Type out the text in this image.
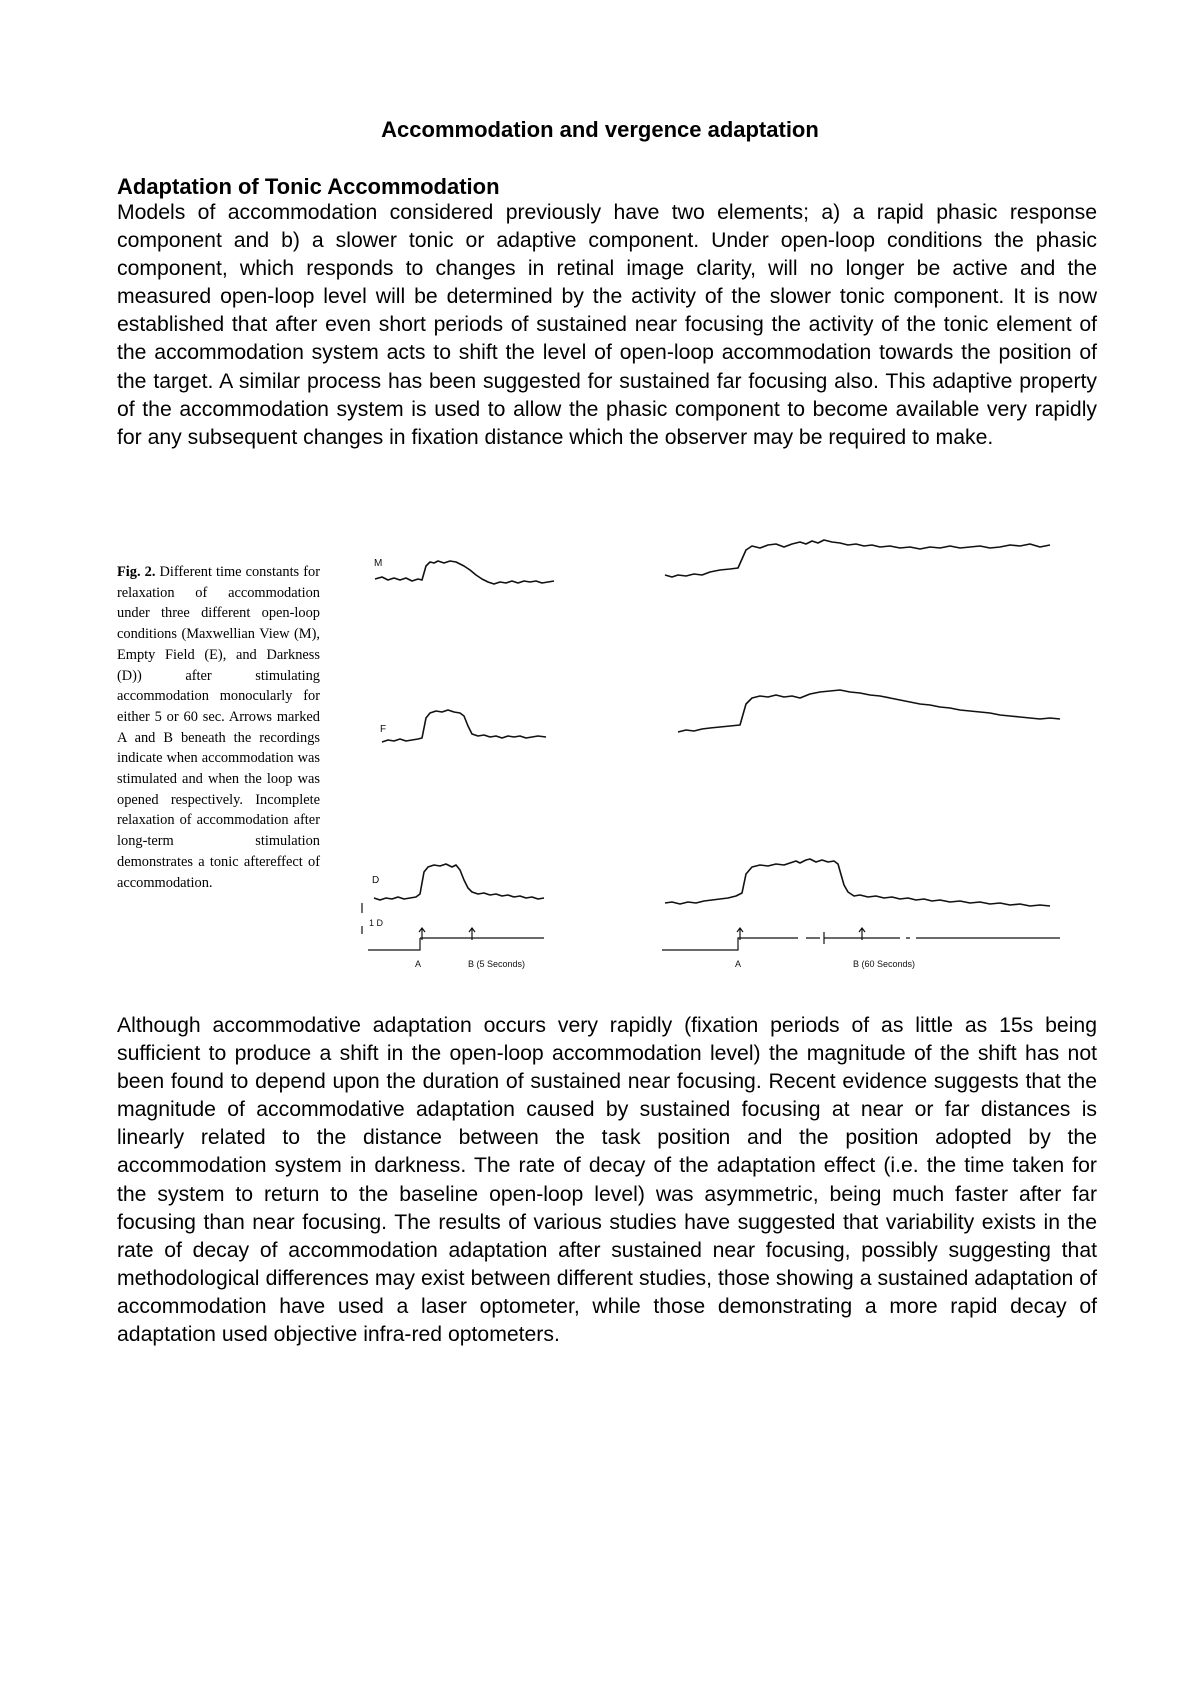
Accommodation and vergence adaptation
Adaptation of Tonic Accommodation

Models of accommodation considered previously have two elements; a) a rapid phasic response component and b) a slower tonic or adaptive component. Under open-loop conditions the phasic component, which responds to changes in retinal image clarity, will no longer be active and the measured open-loop level will be determined by the activity of the slower tonic component. It is now established that after even short periods of sustained near focusing the activity of the tonic element of the accommodation system acts to shift the level of open-loop accommodation towards the position of the target. A similar process has been suggested for sustained far focusing also. This adaptive property of the accommodation system is used to allow the phasic component to become available very rapidly for any subsequent changes in fixation distance which the observer may be required to make.

Fig. 2. Different time constants for relaxation of accommodation under three different open-loop conditions (Maxwellian View (M), Empty Field (E), and Darkness (D)) after stimulating accommodation monocularly for either 5 or 60 sec. Arrows marked A and B beneath the recordings indicate when accommodation was stimulated and when the loop was opened respectively. Incomplete relaxation of accommodation after long-term stimulation demonstrates a tonic aftereffect of accommodation.

M
F
D
1 D
A	B (5 Seconds)	A	B (60 Seconds)

Although accommodative adaptation occurs very rapidly (fixation periods of as little as 15s being sufficient to produce a shift in the open-loop accommodation level) the magnitude of the shift has not been found to depend upon the duration of sustained near focusing. Recent evidence suggests that the magnitude of accommodative adaptation caused by sustained focusing at near or far distances is linearly related to the distance between the task position and the position adopted by the accommodation system in darkness. The rate of decay of the adaptation effect (i.e. the time taken for the system to return to the baseline open-loop level) was asymmetric, being much faster after far focusing than near focusing. The results of various studies have suggested that variability exists in the rate of decay of accommodation adaptation after sustained near focusing, possibly suggesting that methodological differences may exist between different studies, those showing a sustained adaptation of accommodation have used a laser optometer, while those demonstrating a more rapid decay of adaptation used objective infra-red optometers.
